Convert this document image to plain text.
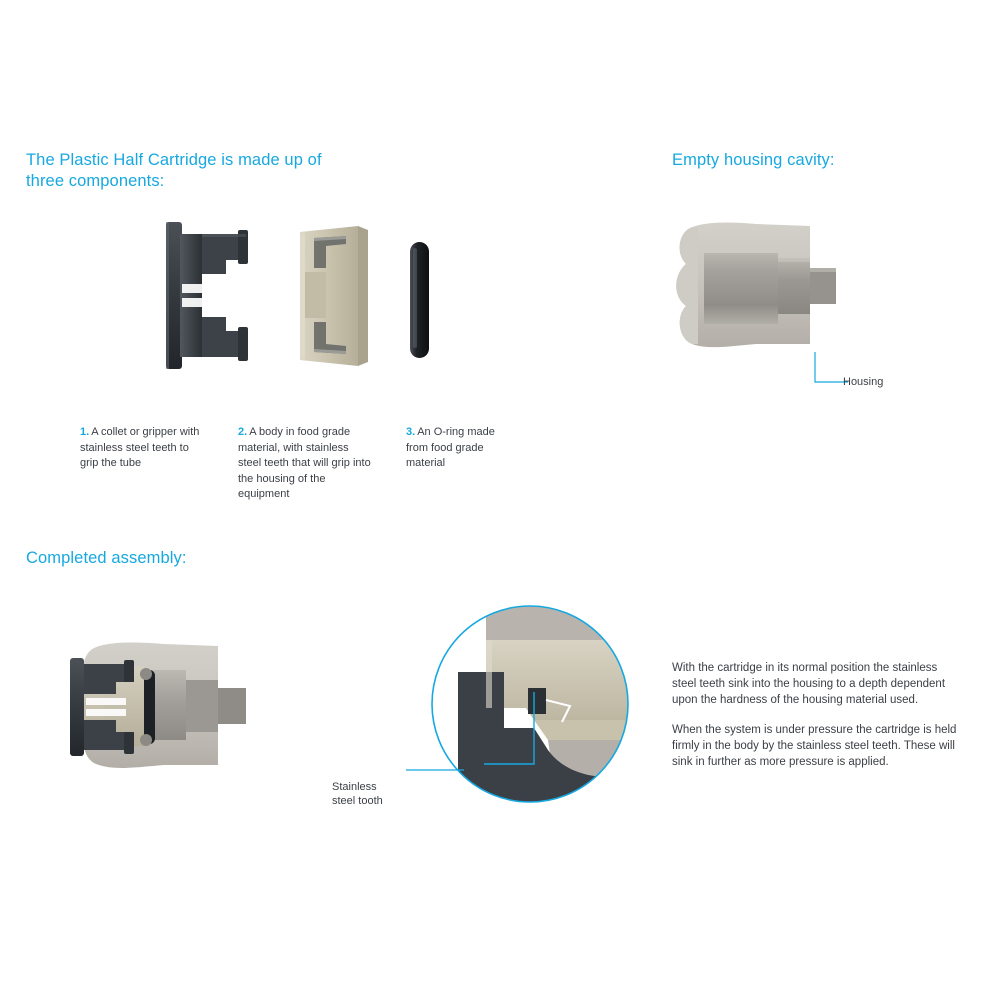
The Plastic Half Cartridge is made up of three components:
Empty housing cavity:
Completed assembly:
1. A collet or gripper with stainless steel teeth to grip the tube
2. A body in food grade material, with stainless steel teeth that will grip into the housing of the equipment
3. An O-ring made from food grade material
Housing
Stainless steel tooth
With the cartridge in its normal position the stainless steel teeth sink into the housing to a depth dependent upon the hardness of the housing material used.
When the system is under pressure the cartridge is held firmly in the body by the stainless steel teeth. These will sink in further as more pressure is applied.
